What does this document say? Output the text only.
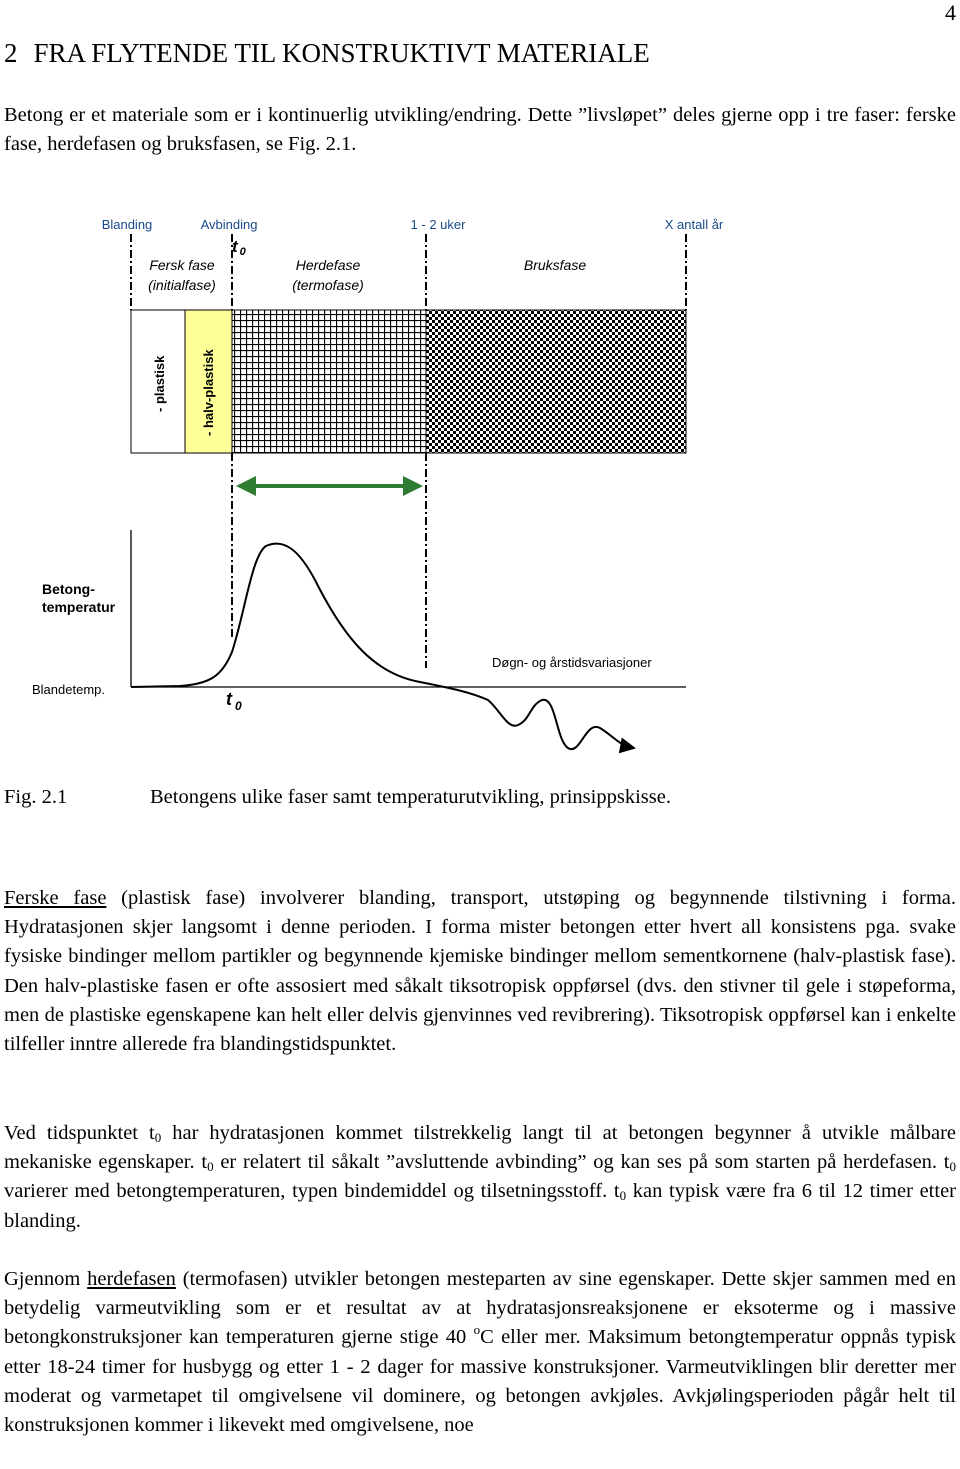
4
2 FRA FLYTENDE TIL KONSTRUKTIVT MATERIALE
Betong er et materiale som er i kontinuerlig utvikling/endring. Dette ”livsløpet” deles gjerne opp i tre faser: ferske fase, herdefasen og bruksfasen, se Fig. 2.1.
Blanding	Avbinding	1 - 2 uker	X antall år
t 0
Fersk fase
(initialfase)
Herdefase
(termofase)
Bruksfase
- plastisk	- halv-plastisk
Betong-
temperatur
Blandetemp.
Døgn- og årstidsvariasjoner
t $_0$
Fig. 2.1	Betongens ulike faser samt temperaturutvikling, prinsippskisse.
Ferske fase (plastisk fase) involverer blanding, transport, utstøping og begynnende tilstivning i forma. Hydratasjonen skjer langsomt i denne perioden. I forma mister betongen etter hvert all konsistens pga. svake fysiske bindinger mellom partikler og begynnende kjemiske bindinger mellom sementkornene (halv-plastisk fase). Den halv-plastiske fasen er ofte assosiert med såkalt tiksotropisk oppførsel (dvs. den stivner til gele i støpeforma, men de plastiske egenskapene kan helt eller delvis gjenvinnes ved revibrering). Tiksotropisk oppførsel kan i enkelte tilfeller inntre allerede fra blandingstidspunktet.
Ved tidspunktet $t_0$ har hydratasjonen kommet tilstrekkelig langt til at betongen begynner å utvikle målbare mekaniske egenskaper. $t_0$ er relatert til såkalt ”avsluttende avbinding” og kan ses på som starten på herdefasen. $t_0$ varierer med betongtemperaturen, typen bindemiddel og tilsetningsstoff. $t_0$ kan typisk være fra 6 til 12 timer etter blanding.
Gjennom herdefasen (termofasen) utvikler betongen mesteparten av sine egenskaper. Dette skjer sammen med en betydelig varmeutvikling som er et resultat av at hydratasjonsreaksjonene er eksoterme og i massive betongkonstruksjoner kan temperaturen gjerne stige 40 $^o$C eller mer. Maksimum betongtemperatur oppnås typisk etter 18-24 timer for husbygg og etter 1 - 2 dager for massive konstruksjoner. Varmeutviklingen blir deretter mer moderat og varmetapet til omgivelsene vil dominere, og betongen avkjøles. Avkjølingsperioden pågår helt til konstruksjonen kommer i likevekt med omgivelsene, noe
